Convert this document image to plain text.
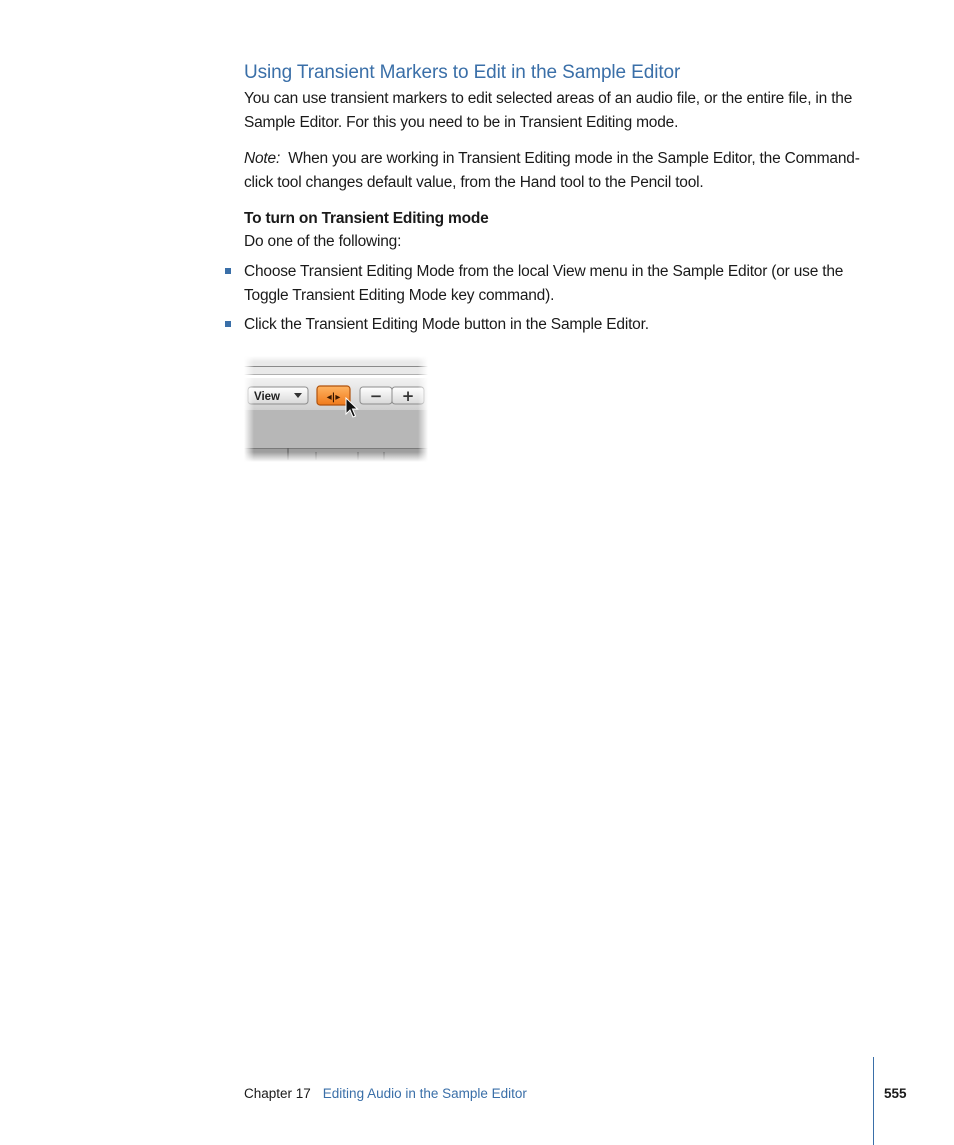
Using Transient Markers to Edit in the Sample Editor

You can use transient markers to edit selected areas of an audio file, or the entire file, in the Sample Editor. For this you need to be in Transient Editing mode.

Note: When you are working in Transient Editing mode in the Sample Editor, the Command-click tool changes default value, from the Hand tool to the Pencil tool.

To turn on Transient Editing mode

Do one of the following:

Choose Transient Editing Mode from the local View menu in the Sample Editor (or use the Toggle Transient Editing Mode key command).

Click the Transient Editing Mode button in the Sample Editor.

View	◂|▸ − +
Chapter 17 Editing Audio in the Sample Editor	555
